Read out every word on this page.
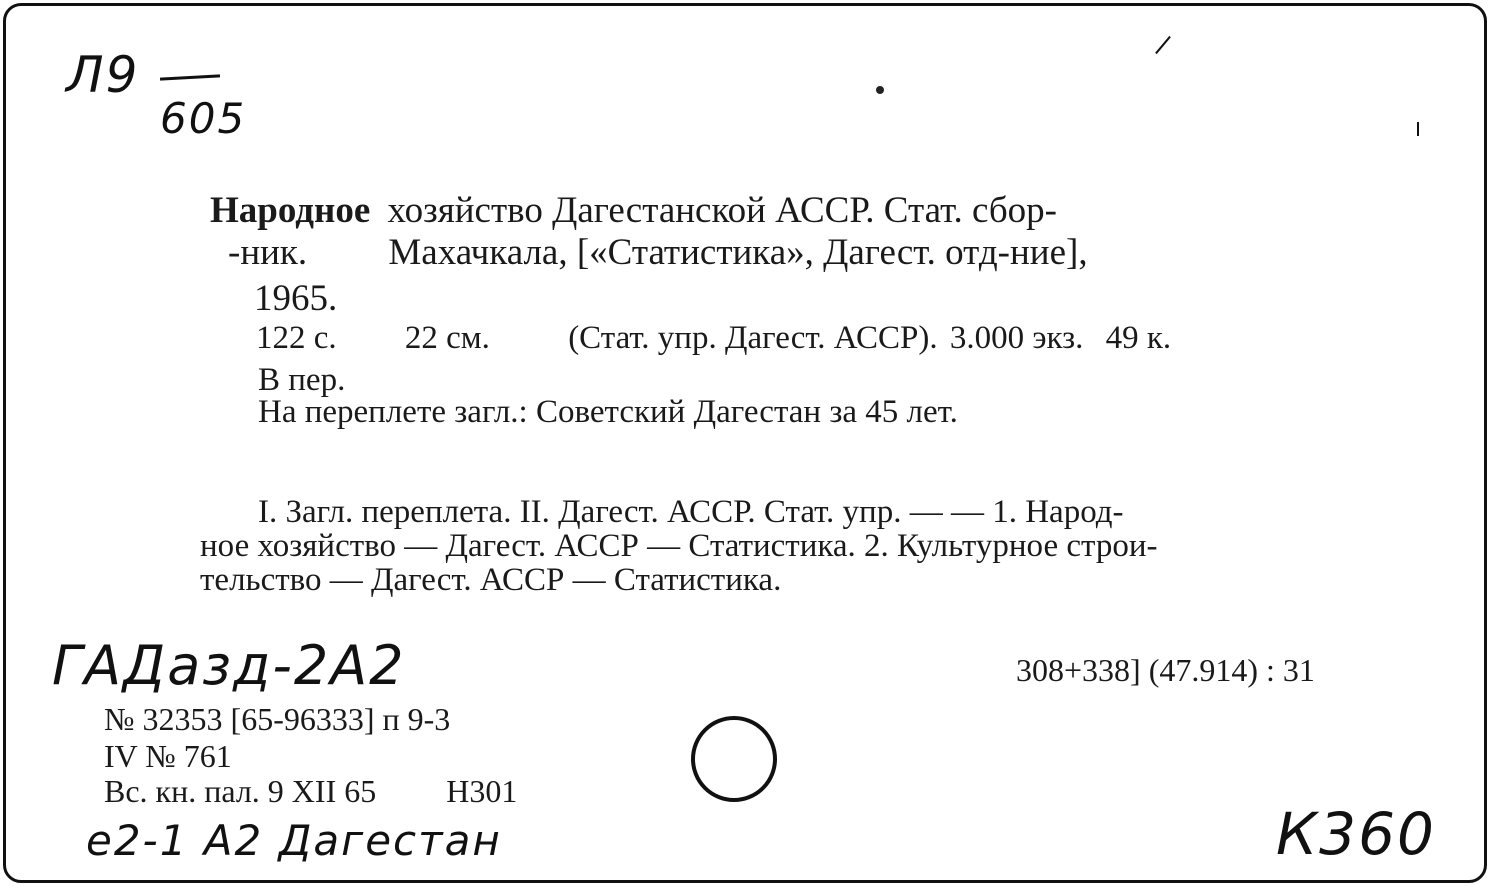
Л9
605
Народное хозяйство Дагестанской АССР. Стат. сбор-
-ник. Махачкала, [«Статистика», Дагест. отд-ние],
1965.
122 с. 22 см. (Стат. упр. Дагест. АССР). 3.000 экз. 49 к.
В пер.
На переплете загл.: Советский Дагестан за 45 лет.
I. Загл. переплета. II. Дагест. АССР. Стат. упр. — — 1. Народ-
ное хозяйство — Дагест. АССР — Статистика. 2. Культурное строи-
тельство — Дагест. АССР — Статистика.
ГАДазд-2А2	308+338] (47.914) : 31
№ 32353 [65-96333] п 9-3
IV № 761
Вс. кн. пал. 9 XII 65 Н301
е2-1 А2 Дагестан	К360
